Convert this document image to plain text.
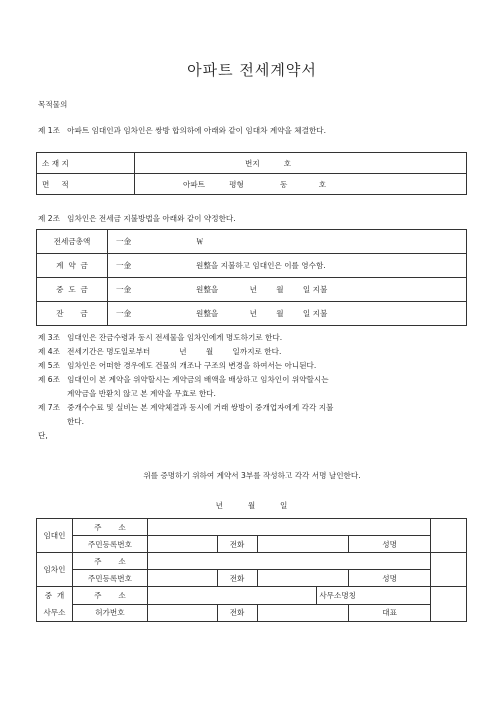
아파트 전세계약서
목적물의
제 1조   아파트 임대인과 임차인은 쌍방 합의하에 아래와 같이 임대차 계약을 체결한다.
소 재 지	번지          호
면     적	아파트          평형               동             호
제 2조   임차인은 전세금 지불방법을 아래와 같이 약정한다.
전세금총액	一金	￦
계  약  금	一金	원整을 지불하고 임대인은 이를 영수함.
중  도  금	一金	원整을             년        월        일 지불
잔       금	一金	원整을             년        월        일 지불
제 3조   임대인은 잔금수령과 동시 전세물을 임차인에게 명도하기로 한다.
제 4조   전세기간은 명도일로부터            년        월        일까지로 한다.
제 5조   임차인은 어떠한 경우에도 건물의 개조나 구조의 변경을 하여서는 아니된다.
제 6조   임대인이 본 계약을 위약할시는 계약금의 배액을 배상하고 임차인이 위약할시는
계약금을 반환치 않고 본 계약을 무효로 한다.
제 7조   중개수수료 및 실비는 본 계약체결과 동시에 거래 쌍방이 중개업자에게 각각 지불
한다.
단,
위를 증명하기 위하여 계약서 3부를 작성하고 각각 서명 날인한다.
년       월       일
임대인	주       소						
	주민등록번호		전화			성명	
임차인	주       소						
	주민등록번호		전화			성명	

중  개
사무소	주       소				사무소명칭		
	허가번호		전화			대표	
